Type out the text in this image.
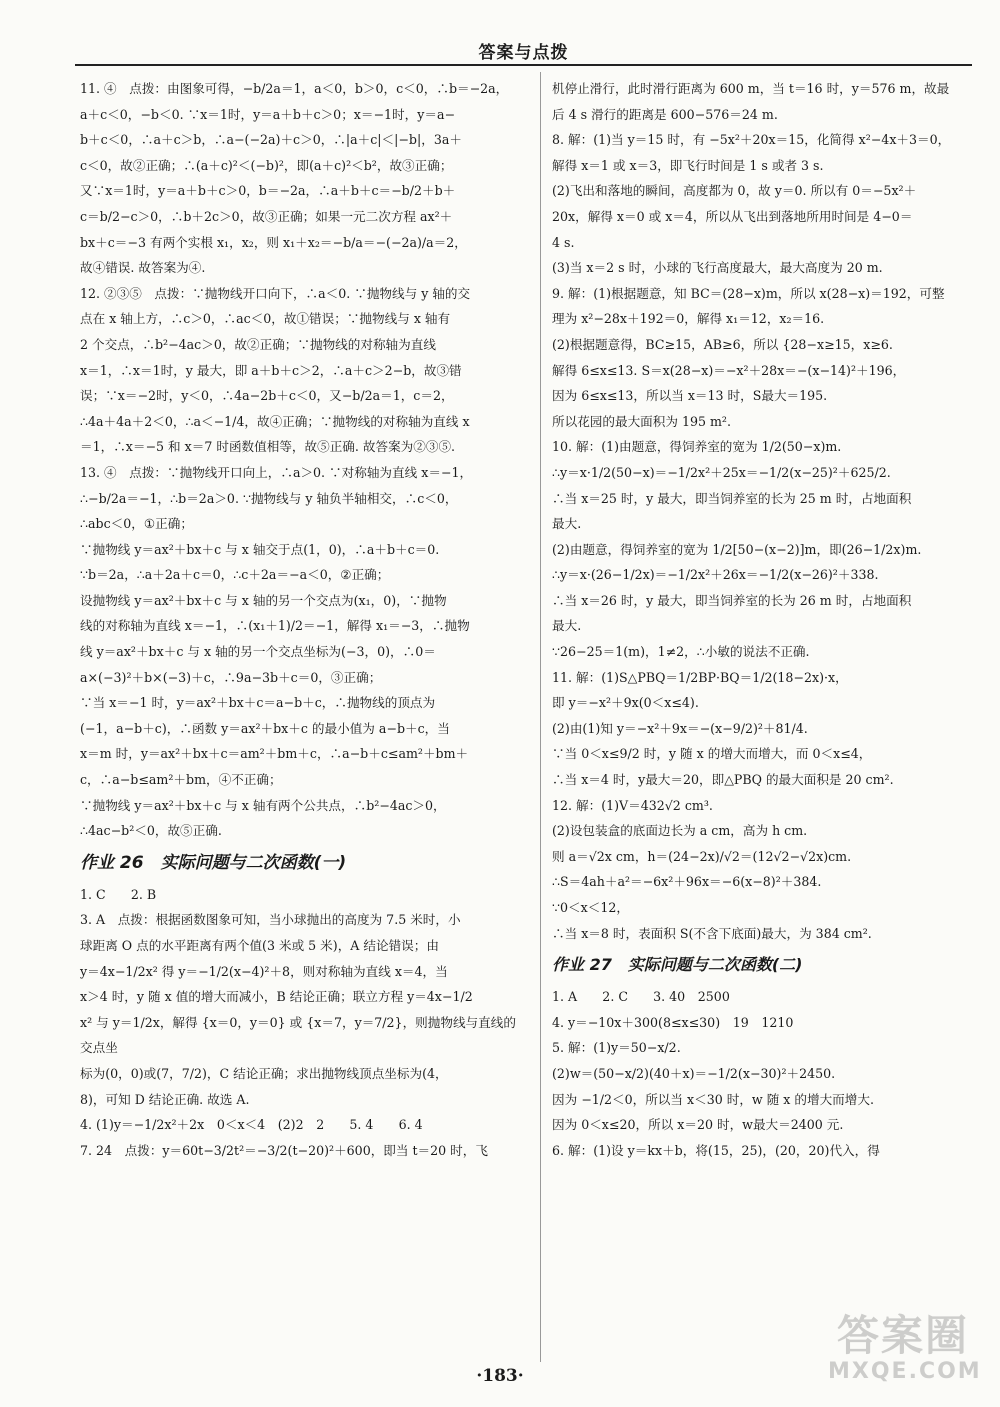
答案与点拨

11. ④　点拨：由图象可得，−b/2a＝1，a＜0，b＞0，c＜0，∴b＝−2a，

a＋c＜0，−b＜0. ∵x＝1时，y＝a＋b＋c＞0；x＝−1时，y＝a−

b＋c＜0，∴a＋c＞b，∴a−(−2a)＋c＞0，∴|a＋c|＜|−b|，3a＋

c＜0，故②正确；∴(a＋c)²＜(−b)²，即(a＋c)²＜b²，故③正确；

又∵x＝1时，y＝a＋b＋c＞0，b＝−2a，∴a＋b＋c＝−b/2＋b＋

c＝b/2−c＞0，∴b＋2c＞0，故③正确；如果一元二次方程 ax²＋

bx＋c＝−3 有两个实根 x₁，x₂，则 x₁＋x₂＝−b/a＝−(−2a)/a＝2，

故④错误. 故答案为④.

12. ②③⑤　点拨：∵抛物线开口向下，∴a＜0. ∵抛物线与 y 轴的交

点在 x 轴上方，∴c＞0，∴ac＜0，故①错误；∵抛物线与 x 轴有

2 个交点，∴b²−4ac＞0，故②正确；∵抛物线的对称轴为直线

x＝1，∴x＝1时，y 最大，即 a＋b＋c＞2，∴a＋c＞2−b，故③错

误；∵x＝−2时，y＜0，∴4a−2b＋c＜0，又−b/2a＝1，c＝2，

∴4a＋4a＋2＜0，∴a＜−1/4，故④正确；∵抛物线的对称轴为直线 x

＝1，∴x＝−5 和 x＝7 时函数值相等，故⑤正确. 故答案为②③⑤.

13. ④　点拨：∵抛物线开口向上，∴a＞0. ∵对称轴为直线 x＝−1，

∴−b/2a＝−1，∴b＝2a＞0. ∵抛物线与 y 轴负半轴相交，∴c＜0，

∴abc＜0，①正确；

∵抛物线 y＝ax²＋bx＋c 与 x 轴交于点(1，0)，∴a＋b＋c＝0.

∵b＝2a，∴a＋2a＋c＝0，∴c＋2a＝−a＜0，②正确；

设抛物线 y＝ax²＋bx＋c 与 x 轴的另一个交点为(x₁，0)，∵抛物

线的对称轴为直线 x＝−1，∴(x₁＋1)/2＝−1，解得 x₁＝−3，∴抛物

线 y＝ax²＋bx＋c 与 x 轴的另一个交点坐标为(−3，0)，∴0＝

a×(−3)²＋b×(−3)＋c，∴9a−3b＋c＝0，③正确；

∵当 x＝−1 时，y＝ax²＋bx＋c＝a−b＋c，∴抛物线的顶点为

(−1，a−b＋c)，∴函数 y＝ax²＋bx＋c 的最小值为 a−b＋c，当

x＝m 时，y＝ax²＋bx＋c＝am²＋bm＋c，∴a−b＋c≤am²＋bm＋

c，∴a−b≤am²＋bm，④不正确；

∵抛物线 y＝ax²＋bx＋c 与 x 轴有两个公共点，∴b²−4ac＞0，

∴4ac−b²＜0，故⑤正确.

作业 26　实际问题与二次函数(一)

1. C　　2. B

3. A　点拨：根据函数图象可知，当小球抛出的高度为 7.5 米时，小

球距离 O 点的水平距离有两个值(3 米或 5 米)，A 结论错误；由

y＝4x−1/2x² 得 y＝−1/2(x−4)²＋8，则对称轴为直线 x＝4，当

x＞4 时，y 随 x 值的增大而减小，B 结论正确；联立方程 y＝4x−1/2

x² 与 y＝1/2x，解得 {x＝0，y＝0} 或 {x＝7，y＝7/2}，则抛物线与直线的交点坐

标为(0，0)或(7，7/2)，C 结论正确；求出抛物线顶点坐标为(4，

8)，可知 D 结论正确. 故选 A.

4. (1)y＝−1/2x²＋2x　0＜x＜4　(2)2　2　　5. 4　　6. 4

7. 24　点拨：y＝60t−3/2t²＝−3/2(t−20)²＋600，即当 t＝20 时，飞

机停止滑行，此时滑行距离为 600 m，当 t＝16 时，y＝576 m，故最

后 4 s 滑行的距离是 600−576＝24 m.

8. 解：(1)当 y＝15 时，有 −5x²＋20x＝15，化简得 x²−4x＋3＝0，

解得 x＝1 或 x＝3，即飞行时间是 1 s 或者 3 s.

(2)飞出和落地的瞬间，高度都为 0，故 y＝0. 所以有 0＝−5x²＋

20x，解得 x＝0 或 x＝4，所以从飞出到落地所用时间是 4−0＝

4 s.

(3)当 x＝2 s 时，小球的飞行高度最大，最大高度为 20 m.

9. 解：(1)根据题意，知 BC＝(28−x)m，所以 x(28−x)＝192，可整

理为 x²−28x＋192＝0，解得 x₁＝12，x₂＝16.

(2)根据题意得，BC≥15，AB≥6，所以 {28−x≥15，x≥6.

解得 6≤x≤13. S＝x(28−x)＝−x²＋28x＝−(x−14)²＋196，

因为 6≤x≤13，所以当 x＝13 时，S最大＝195.

所以花园的最大面积为 195 m².

10. 解：(1)由题意，得饲养室的宽为 1/2(50−x)m.

∴y＝x·1/2(50−x)＝−1/2x²＋25x＝−1/2(x−25)²＋625/2.

∴当 x＝25 时，y 最大，即当饲养室的长为 25 m 时，占地面积

最大.

(2)由题意，得饲养室的宽为 1/2[50−(x−2)]m，即(26−1/2x)m.

∴y＝x·(26−1/2x)＝−1/2x²＋26x＝−1/2(x−26)²＋338.

∴当 x＝26 时，y 最大，即当饲养室的长为 26 m 时，占地面积

最大.

∵26−25＝1(m)，1≠2，∴小敏的说法不正确.

11. 解：(1)S△PBQ＝1/2BP·BQ＝1/2(18−2x)·x，

即 y＝−x²＋9x(0＜x≤4).

(2)由(1)知 y＝−x²＋9x＝−(x−9/2)²＋81/4.

∵当 0＜x≤9/2 时，y 随 x 的增大而增大，而 0＜x≤4，

∴当 x＝4 时，y最大＝20，即△PBQ 的最大面积是 20 cm².

12. 解：(1)V＝432√2 cm³.

(2)设包装盒的底面边长为 a cm，高为 h cm.

则 a＝√2x cm，h＝(24−2x)/√2＝(12√2−√2x)cm.

∴S＝4ah＋a²＝−6x²＋96x＝−6(x−8)²＋384.

∵0＜x＜12，

∴当 x＝8 时，表面积 S(不含下底面)最大，为 384 cm².

作业 27　实际问题与二次函数(二)

1. A　　2. C　　3. 40　2500

4. y＝−10x＋300(8≤x≤30)　19　1210

5. 解：(1)y＝50−x/2.

(2)w＝(50−x/2)(40＋x)＝−1/2(x−30)²＋2450.

因为 −1/2＜0，所以当 x＜30 时，w 随 x 的增大而增大.

因为 0＜x≤20，所以 x＝20 时，w最大＝2400 元.

6. 解：(1)设 y＝kx＋b，将(15，25)，(20，20)代入，得

·183·
答案圈
MXQE.COM
